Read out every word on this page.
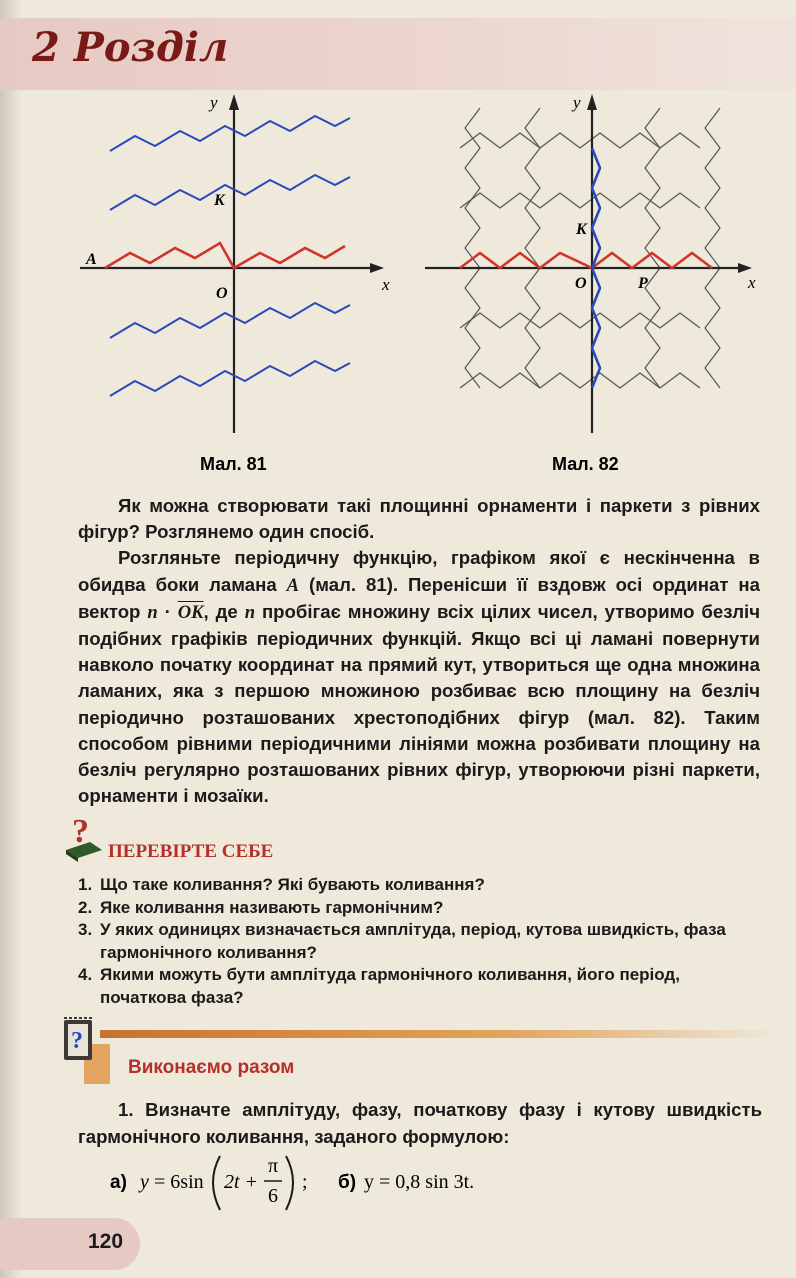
2 Розділ
y
x
K
O
A
Мал. 81
y
x
K
O	P
Мал. 82

Як можна створювати такі площинні орнаменти і паркети з рівних фігур? Розглянемо один спосіб.

Розгляньте періодичну функцію, графіком якої є нескінченна в обидва боки ламана A (мал. 81). Перенісши її вздовж осі ординат на вектор $n \cdot \overline{OK}$, де n пробігає множину всіх цілих чисел, утворимо безліч подібних графіків періодичних функцій. Якщо всі ці ламані повернути навколо початку координат на прямий кут, утвориться ще одна множина ламаних, яка з першою множиною розбиває всю площину на безліч періодично розташованих хрестоподібних фігур (мал. 82). Таким способом рівними періодичними лініями можна розбивати площину на безліч регулярно розташованих рівних фігур, утворюючи різні паркети, орнаменти і мозаїки.

?
ПЕРЕВІРТЕ СЕБЕ
1. Що таке коливання? Які бувають коливання?
2. Яке коливання називають гармонічним?
3. У яких одиницях визначається амплітуда, період, кутова швидкість, фаза гармонічного коливання?
4. Якими можуть бути амплітуда гармонічного коливання, його період, початкова фаза?
?
Виконаємо разом
1. Визначте амплітуду, фазу, початкову фазу і кутову швидкість гармонічного коливання, заданого формулою:
а) y = 6sin 2t +
π
6
; б) y = 0,8 sin 3t.
120
